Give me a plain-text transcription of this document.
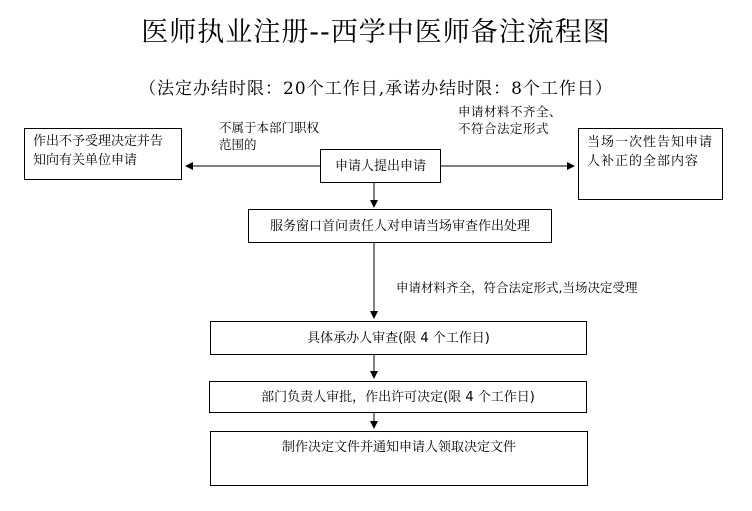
医师执业注册--西学中医师备注流程图
（法定办结时限：20个工作日,承诺办结时限：8个工作日）
作出不予受理决定并告知向有关单位申请	申请人提出申请
当场一次性告知申请人补正的全部内容
服务窗口首问责任人对申请当场审查作出处理
具体承办人审查(限 4 个工作日)
部门负责人审批，作出许可决定(限 4 个工作日)
制作决定文件并通知申请人领取决定文件
不属于本部门职权范围的
申请材料不齐全、不符合法定形式
申请材料齐全，符合法定形式,当场决定受理
